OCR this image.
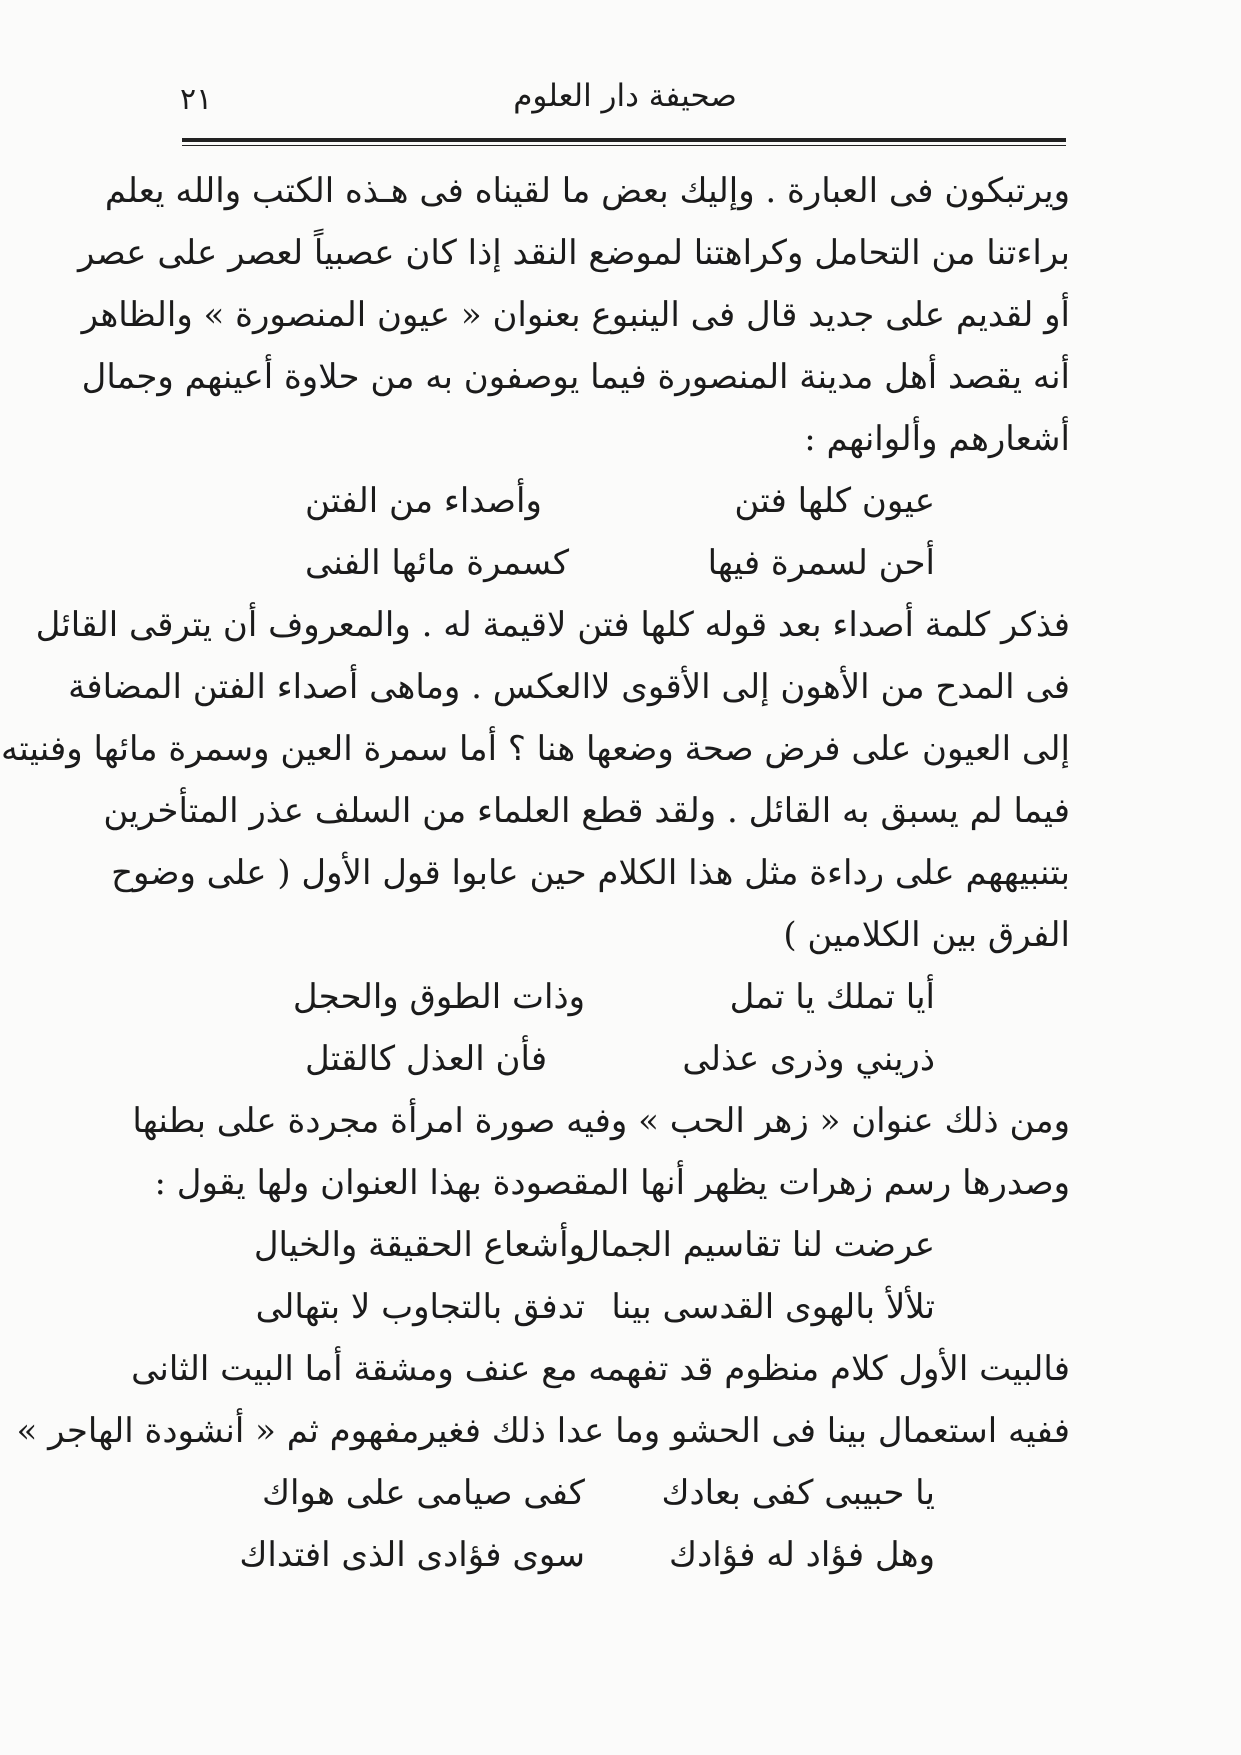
٢١	صحيفة دار العلوم
ويرتبكون فى العبارة . وإليك بعض ما لقيناه فى هـذه الكتب والله يعلم
براءتنا من التحامل وكراهتنا لموضع النقد إذا كان عصبياً لعصر على عصر
أو لقديم على جديد قال فى الينبوع بعنوان « عيون المنصورة » والظاهر
أنه يقصد أهل مدينة المنصورة فيما يوصفون به من حلاوة أعينهم وجمال
أشعارهم وألوانهم :
عيون كلها فتن
وأصداء من الفتن
أحن لسمرة فيها
كسمرة مائها الفنى
فذكر كلمة أصداء بعد قوله كلها فتن لاقيمة له . والمعروف أن يترقى القائل
فى المدح من الأهون إلى الأقوى لاالعكس . وماهى أصداء الفتن المضافة
إلى العيون على فرض صحة وضعها هنا ؟ أما سمرة العين وسمرة مائها وفنيته
فيما لم يسبق به القائل . ولقد قطع العلماء من السلف عذر المتأخرين
بتنبيههم على رداءة مثل هذا الكلام حين عابوا قول الأول ( على وضوح
الفرق بين الكلامين )
أيا تملك يا تمل
وذات الطوق والحجل
ذريني وذرى عذلى
فأن العذل كالقتل
ومن ذلك عنوان « زهر الحب » وفيه صورة امرأة مجردة على بطنها
وصدرها رسم زهرات يظهر أنها المقصودة بهذا العنوان ولها يقول :
عرضت لنا تقاسيم الجمال
وأشعاع الحقيقة والخيال
تلألأ بالهوى القدسى بينا
تدفق بالتجاوب لا بتهالى
فالبيت الأول كلام منظوم قد تفهمه مع عنف ومشقة أما البيت الثانى
ففيه استعمال بينا فى الحشو وما عدا ذلك فغيرمفهوم ثم « أنشودة الهاجر »
يا حبيبى كفى بعادك
كفى صيامى على هواك
وهل فؤاد له فؤادك
سوى فؤادى الذى افتداك
